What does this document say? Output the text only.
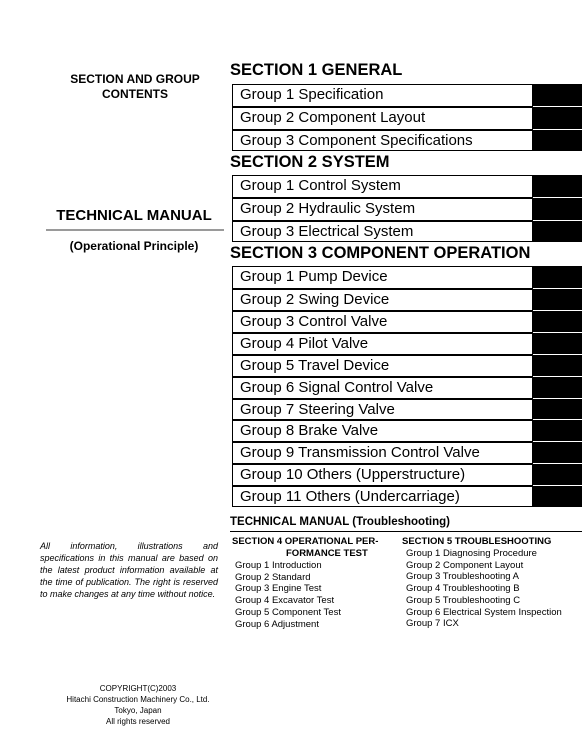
SECTION AND GROUP
CONTENTS
TECHNICAL MANUAL
(Operational Principle)
All information, illustrations and specifications in this manual are based on the latest product information available at the time of publication. The right is reserved to make changes at any time without notice.
COPYRIGHT(C)2003
Hitachi Construction Machinery Co., Ltd.
Tokyo, Japan
All rights reserved
SECTION 1 GENERAL
Group 1 Specification
Group 2 Component Layout
Group 3 Component Specifications
SECTION 2 SYSTEM
Group 1 Control System
Group 2 Hydraulic System
Group 3 Electrical System
SECTION 3 COMPONENT OPERATION
Group 1 Pump Device
Group 2 Swing Device
Group 3 Control Valve
Group 4 Pilot Valve
Group 5 Travel Device
Group 6 Signal Control Valve
Group 7 Steering Valve
Group 8 Brake Valve
Group 9 Transmission Control Valve
Group 10 Others (Upperstructure)
Group 11 Others (Undercarriage)
TECHNICAL MANUAL (Troubleshooting)
SECTION 4 OPERATIONAL PER-
FORMANCE TEST
Group 1 Introduction
Group 2 Standard
Group 3 Engine Test
Group 4 Excavator Test
Group 5 Component Test
Group 6 Adjustment
SECTION 5 TROUBLESHOOTING
Group 1 Diagnosing Procedure
Group 2 Component Layout
Group 3 Troubleshooting A
Group 4 Troubleshooting B
Group 5 Troubleshooting C
Group 6 Electrical System Inspection
Group 7 ICX
